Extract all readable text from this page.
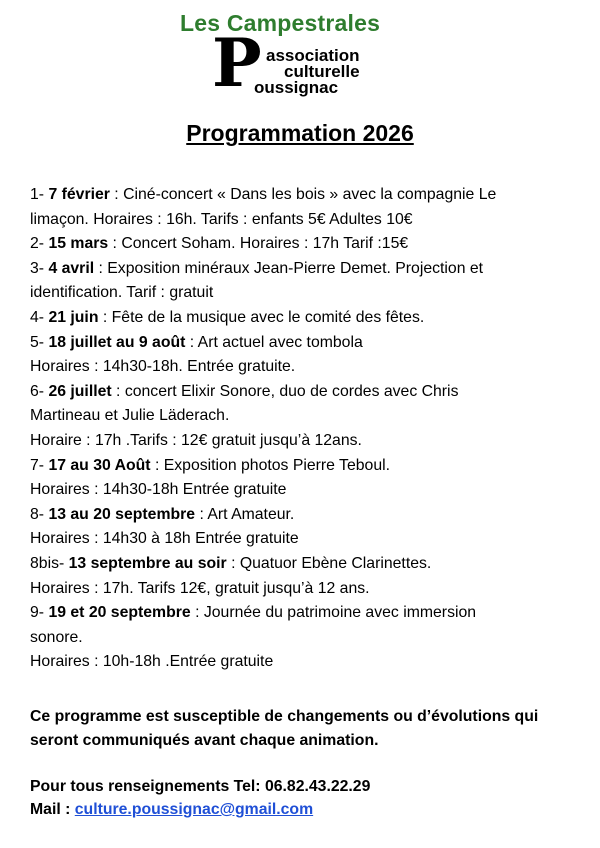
Les Campestrales
P association
culturelle
oussignac
Programmation 2026

1- 7 février : Ciné-concert « Dans les bois » avec la compagnie Le

limaçon. Horaires : 16h. Tarifs : enfants 5€ Adultes 10€

2- 15 mars : Concert Soham. Horaires : 17h Tarif :15€

3- 4 avril : Exposition minéraux Jean-Pierre Demet. Projection et

identification. Tarif : gratuit

4- 21 juin : Fête de la musique avec le comité des fêtes.

5- 18 juillet au 9 août : Art actuel avec tombola

Horaires : 14h30-18h. Entrée gratuite.

6- 26 juillet : concert Elixir Sonore, duo de cordes avec Chris

Martineau et Julie Läderach.

Horaire : 17h .Tarifs : 12€ gratuit jusqu’à 12ans.

7- 17 au 30 Août : Exposition photos Pierre Teboul.

Horaires : 14h30-18h Entrée gratuite

8- 13 au 20 septembre : Art Amateur.

Horaires : 14h30 à 18h Entrée gratuite

8bis- 13 septembre au soir : Quatuor Ebène Clarinettes.

Horaires : 17h. Tarifs 12€, gratuit jusqu’à 12 ans.

9- 19 et 20 septembre : Journée du patrimoine avec immersion

sonore.

Horaires : 10h-18h .Entrée gratuite

Ce programme est susceptible de changements ou d’évolutions qui
seront communiqués avant chaque animation.

Pour tous renseignements Tel: 06.82.43.22.29

Mail : culture.poussignac@gmail.com
